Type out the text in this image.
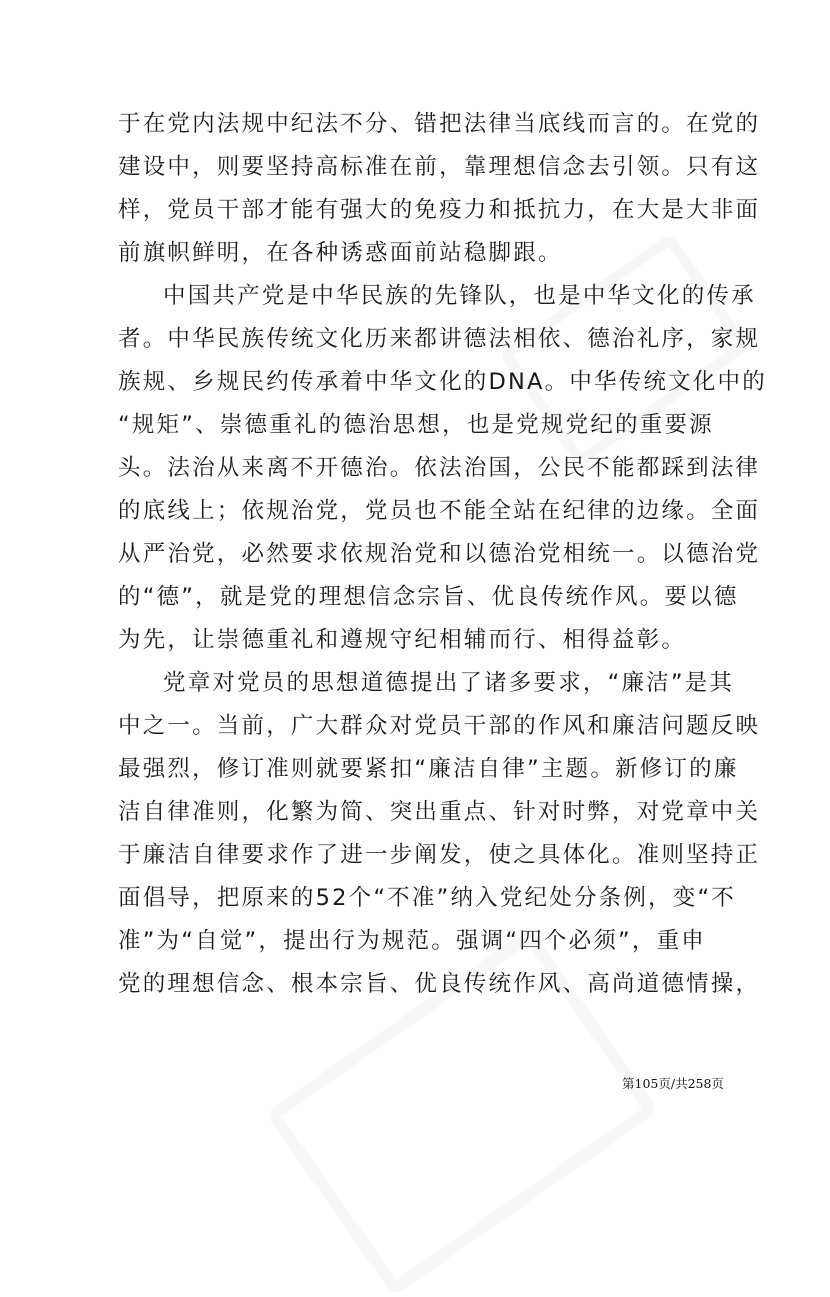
于在党内法规中纪法不分、错把法律当底线而言的。在党的
建设中，则要坚持高标准在前，靠理想信念去引领。只有这
样，党员干部才能有强大的免疫力和抵抗力，在大是大非面
前旗帜鲜明，在各种诱惑面前站稳脚跟。
中国共产党是中华民族的先锋队，也是中华文化的传承
者。中华民族传统文化历来都讲德法相依、德治礼序，家规
族规、乡规民约传承着中华文化的DNA。中华传统文化中的
“规矩”、崇德重礼的德治思想，也是党规党纪的重要源
头。法治从来离不开德治。依法治国，公民不能都踩到法律
的底线上；依规治党，党员也不能全站在纪律的边缘。全面
从严治党，必然要求依规治党和以德治党相统一。以德治党
的“德”，就是党的理想信念宗旨、优良传统作风。要以德
为先，让崇德重礼和遵规守纪相辅而行、相得益彰。
党章对党员的思想道德提出了诸多要求，“廉洁”是其
中之一。当前，广大群众对党员干部的作风和廉洁问题反映
最强烈，修订准则就要紧扣“廉洁自律”主题。新修订的廉
洁自律准则，化繁为简、突出重点、针对时弊，对党章中关
于廉洁自律要求作了进一步阐发，使之具体化。准则坚持正
面倡导，把原来的52个“不准”纳入党纪处分条例，变“不
准”为“自觉”，提出行为规范。强调“四个必须”，重申
党的理想信念、根本宗旨、优良传统作风、高尚道德情操，
第105页/共258页
